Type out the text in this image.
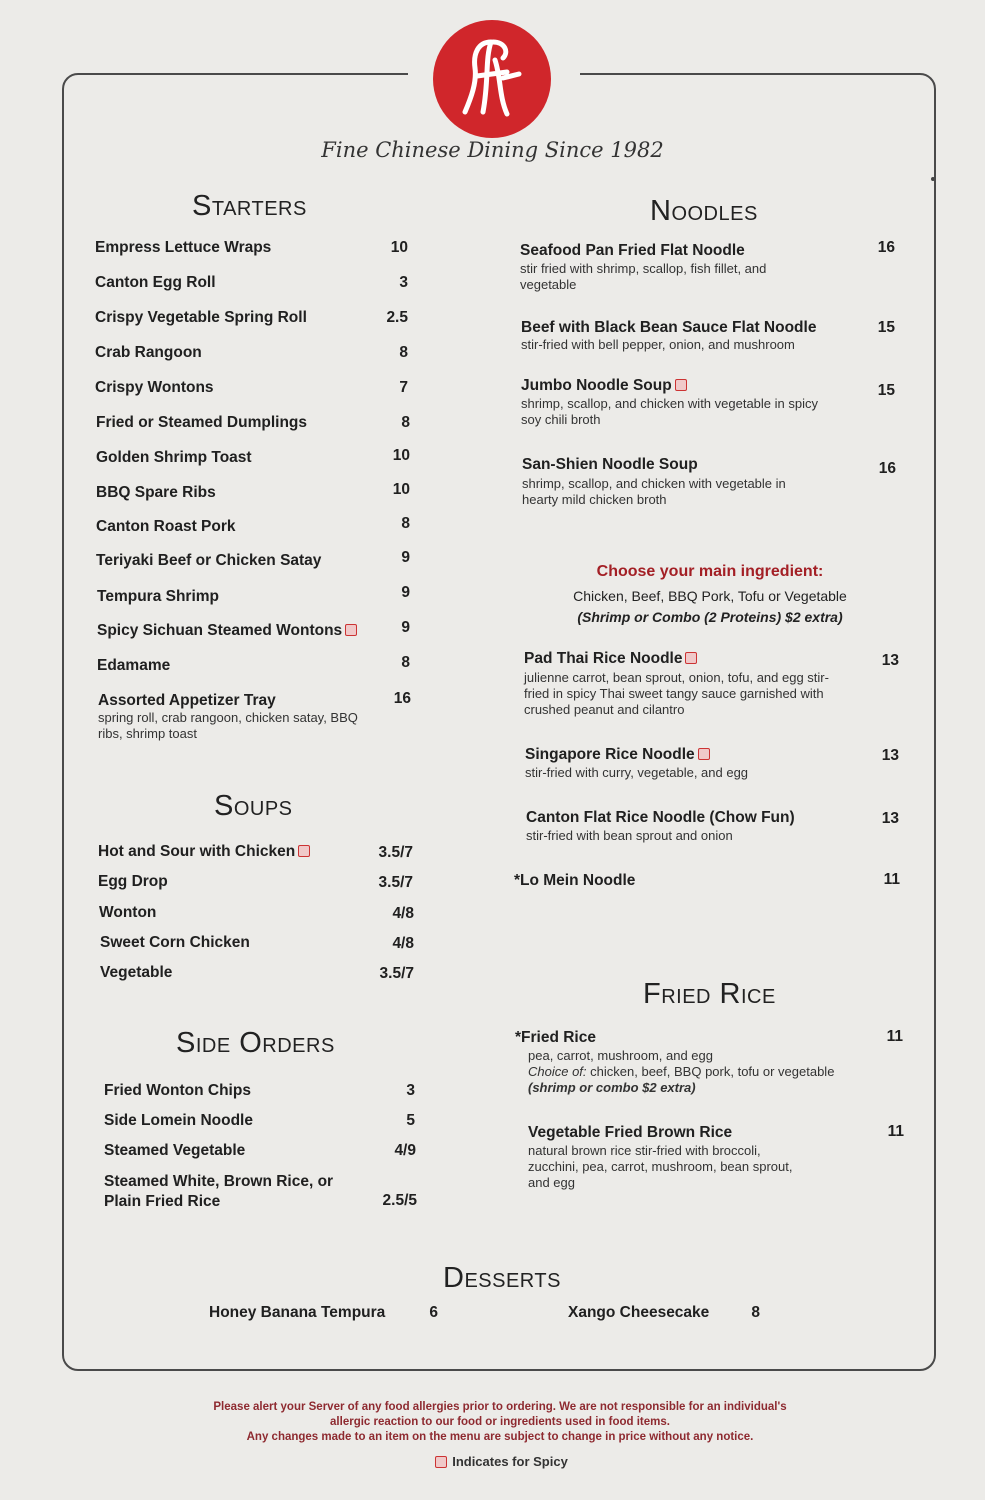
Fine Chinese Dining Since 1982
Starters
Empress Lettuce Wraps	10
Canton Egg Roll	3
Crispy Vegetable Spring Roll	2.5
Crab Rangoon	8
Crispy Wontons	7
Fried or Steamed Dumplings	8
Golden Shrimp Toast	10
BBQ Spare Ribs	10
Canton Roast Pork	8
Teriyaki Beef or Chicken Satay	9
Tempura Shrimp	9
Spicy Sichuan Steamed Wontons	9
Edamame	8
Assorted Appetizer Tray	16
spring roll, crab rangoon, chicken satay, BBQ ribs, shrimp toast
Soups
Hot and Sour with Chicken	3.5/7
Egg Drop	3.5/7
Wonton	4/8
Sweet Corn Chicken	4/8
Vegetable	3.5/7
Side Orders
Fried Wonton Chips	3
Side Lomein Noodle	5
Steamed Vegetable	4/9
Steamed White, Brown Rice, or Plain Fried Rice	2.5/5
Noodles
Seafood Pan Fried Flat Noodle	16
stir fried with shrimp, scallop, fish fillet, and vegetable
Beef with Black Bean Sauce Flat Noodle	15
stir-fried with bell pepper, onion, and mushroom
Jumbo Noodle Soup	15
shrimp, scallop, and chicken with vegetable in spicy soy chili broth
San-Shien Noodle Soup	16
shrimp, scallop, and chicken with vegetable in hearty mild chicken broth
Choose your main ingredient:
Chicken, Beef, BBQ Pork, Tofu or Vegetable
(Shrimp or Combo (2 Proteins) $2 extra)
Pad Thai Rice Noodle	13
julienne carrot, bean sprout, onion, tofu, and egg stir-fried in spicy Thai sweet tangy sauce garnished with crushed peanut and cilantro
Singapore Rice Noodle	13
stir-fried with curry, vegetable, and egg
Canton Flat Rice Noodle (Chow Fun)	13
stir-fried with bean sprout and onion
*Lo Mein Noodle	11
Fried Rice
*Fried Rice	11
pea, carrot, mushroom, and egg
Choice of: chicken, beef, BBQ pork, tofu or vegetable
(shrimp or combo $2 extra)
Vegetable Fried Brown Rice	11
natural brown rice stir-fried with broccoli, zucchini, pea, carrot, mushroom, bean sprout, and egg
Desserts
Honey Banana Tempura	6	Xango Cheesecake	8
Please alert your Server of any food allergies prior to ordering. We are not responsible for an individual's
allergic reaction to our food or ingredients used in food items.
Any changes made to an item on the menu are subject to change in price without any notice.
Indicates for Spicy
